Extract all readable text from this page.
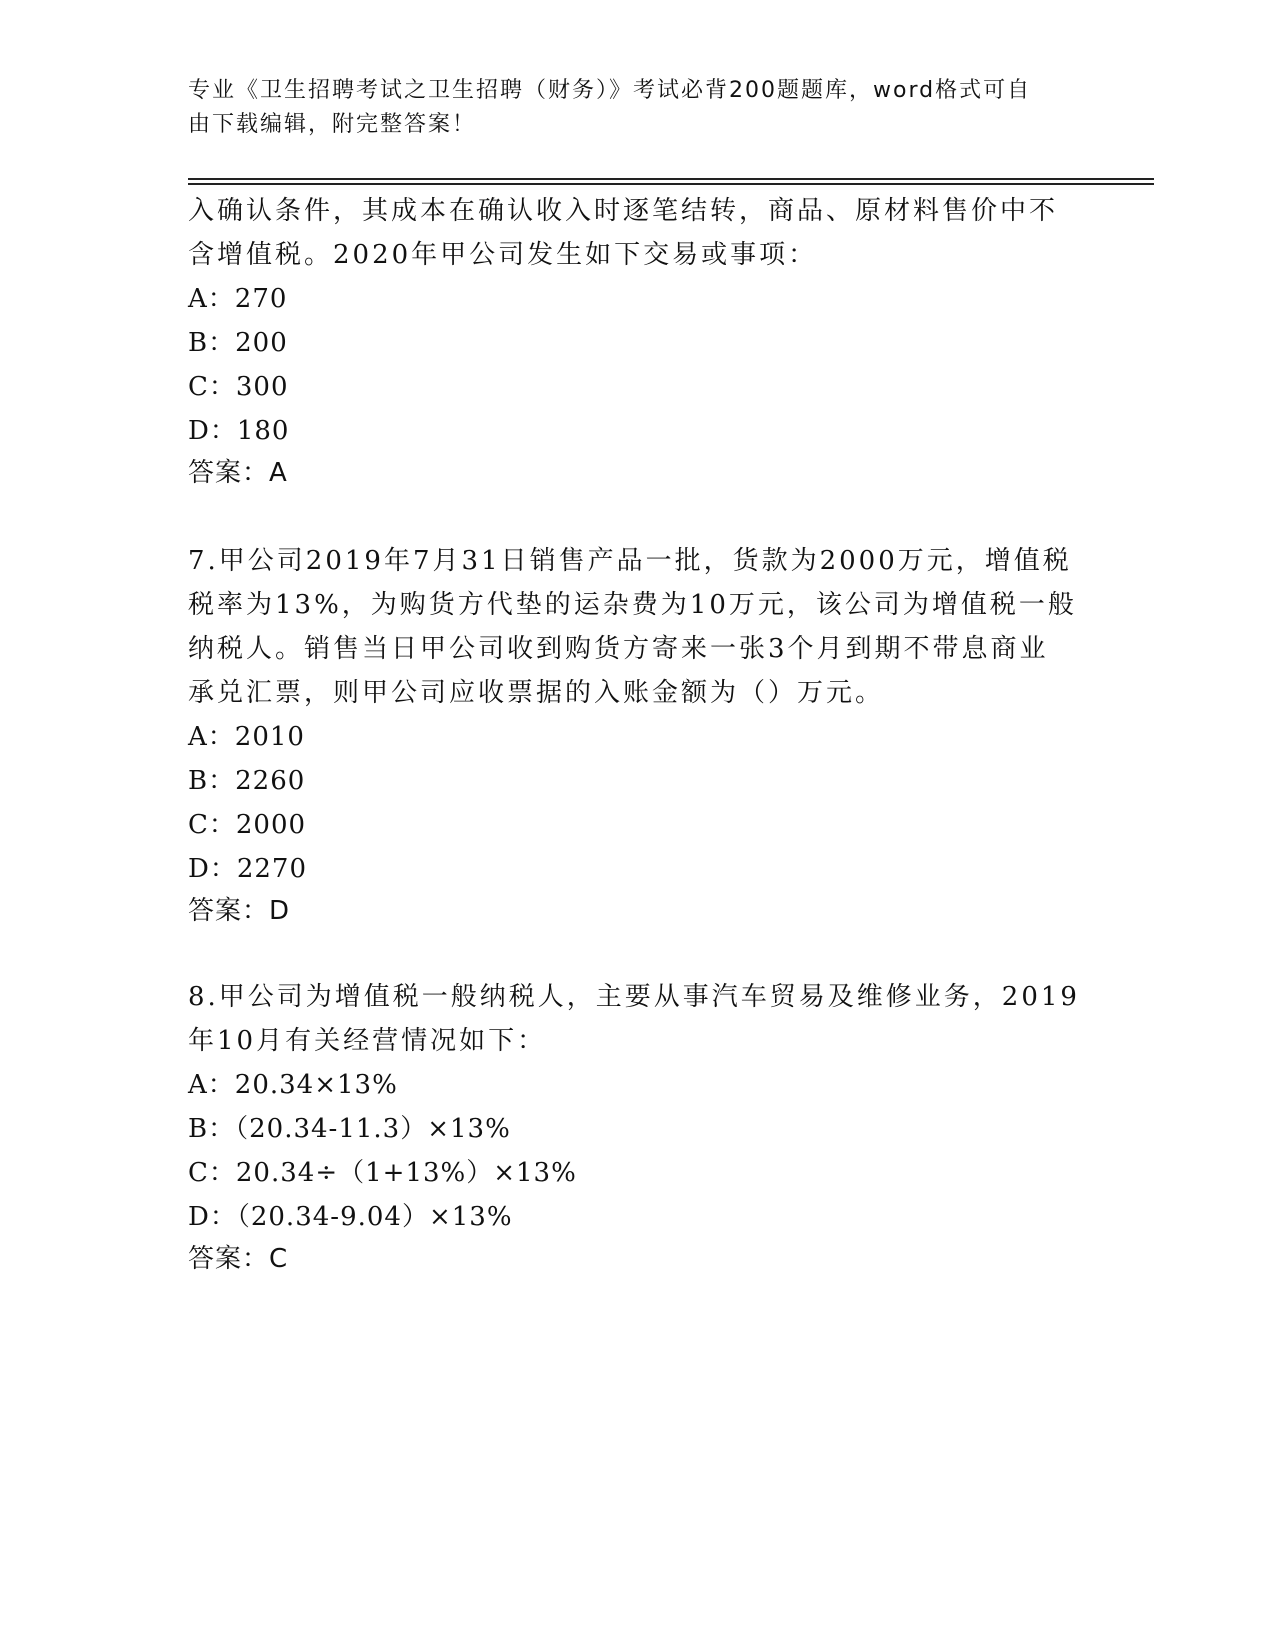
专业《卫生招聘考试之卫生招聘（财务）》考试必背200题题库，word格式可自
由下载编辑，附完整答案！
入确认条件，其成本在确认收入时逐笔结转，商品、原材料售价中不
含增值税。2020年甲公司发生如下交易或事项：
A：270
B：200
C：300
D：180
答案：A
7.甲公司2019年7月31日销售产品一批，货款为2000万元，增值税
税率为13%，为购货方代垫的运杂费为10万元，该公司为增值税一般
纳税人。销售当日甲公司收到购货方寄来一张3个月到期不带息商业
承兑汇票，则甲公司应收票据的入账金额为（）万元。
A：2010
B：2260
C：2000
D：2270
答案：D
8.甲公司为增值税一般纳税人，主要从事汽车贸易及维修业务，2019
年10月有关经营情况如下：
A：20.34×13%
B：（20.34-11.3）×13%
C：20.34÷（1+13%）×13%
D：（20.34-9.04）×13%
答案：C
